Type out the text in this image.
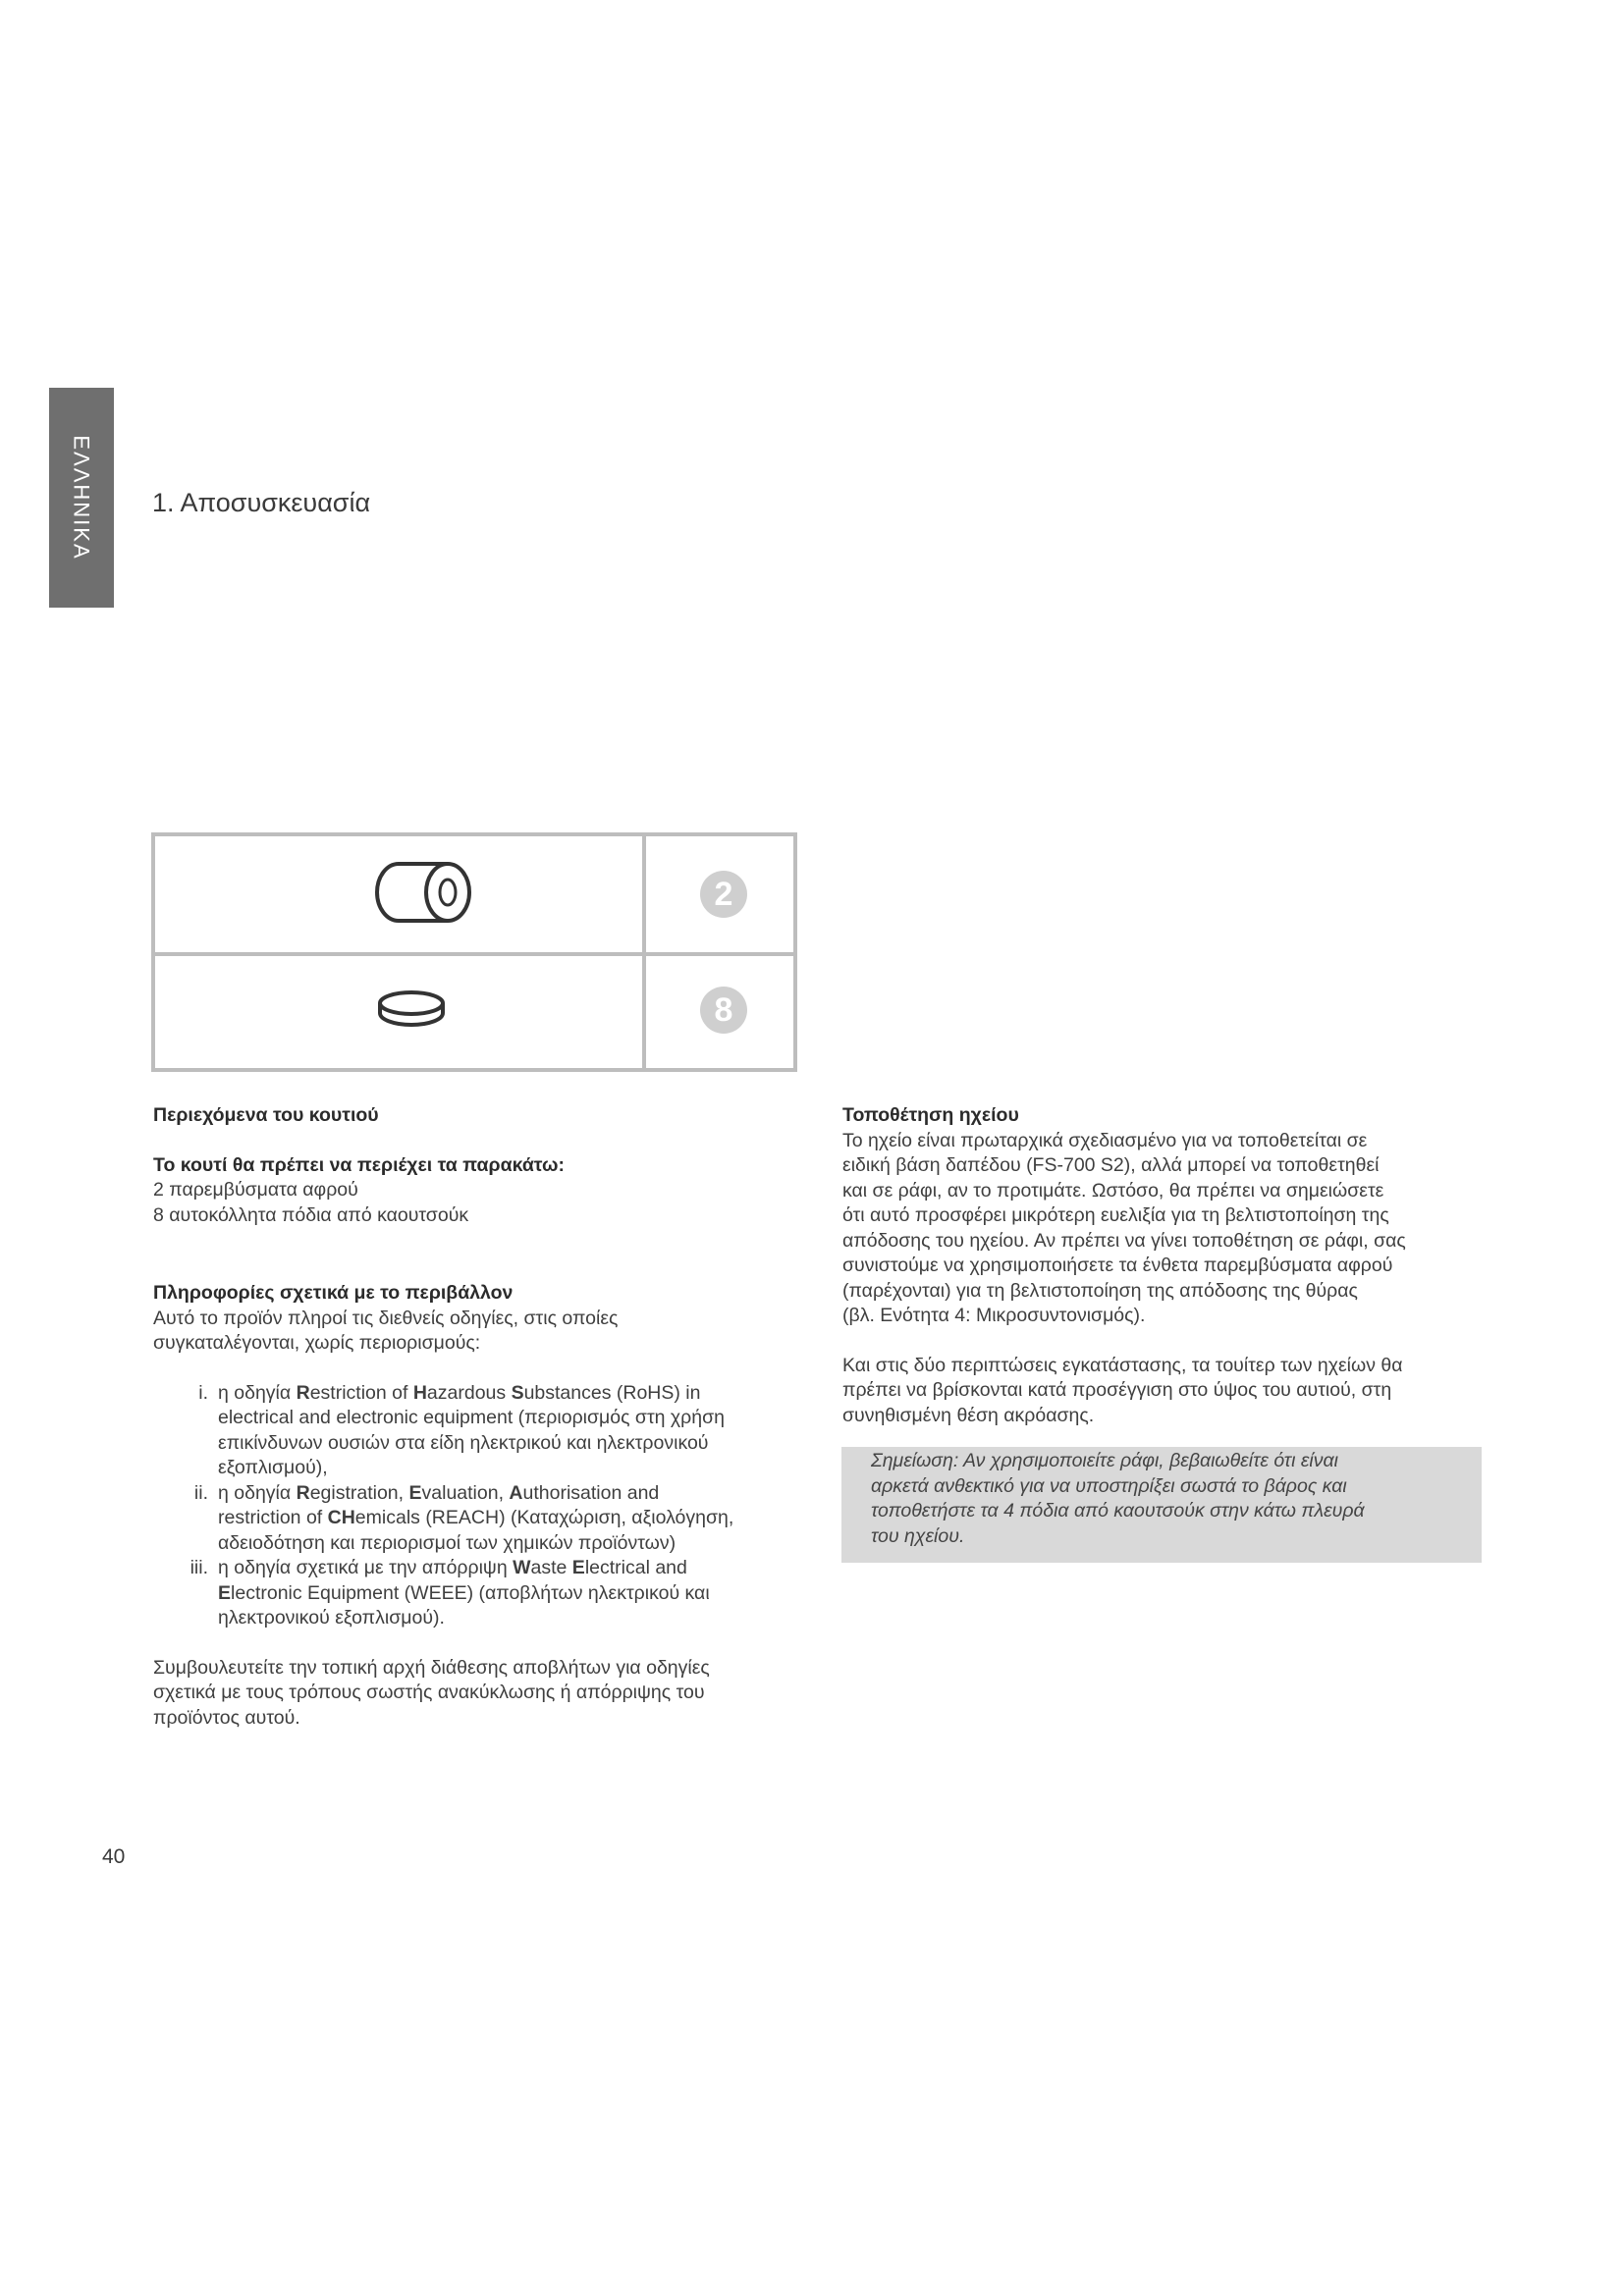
ΕΛΛΗΝΙΚΑ 1. Αποσυσκευασία
2
8

Περιεχόμενα του κουτιού

Το κουτί θα πρέπει να περιέχει τα παρακάτω:

2 παρεμβύσματα αφρού

8 αυτοκόλλητα πόδια από καουτσούκ

Πληροφορίες σχετικά με το περιβάλλον

Αυτό το προϊόν πληροί τις διεθνείς οδηγίες, στις οποίες

συγκαταλέγονται, χωρίς περιορισμούς:

i. η οδηγία Restriction of Hazardous Substances (RoHS) in
electrical and electronic equipment (περιορισμός στη χρήση
επικίνδυνων ουσιών στα είδη ηλεκτρικού και ηλεκτρονικού
εξοπλισμού),
ii. η οδηγία Registration, Evaluation, Authorisation and
restriction of CHemicals (REACH) (Καταχώριση, αξιολόγηση,
αδειοδότηση και περιορισμοί των χημικών προϊόντων)
iii. η οδηγία σχετικά με την απόρριψη Waste Electrical and
Electronic Equipment (WEEE) (αποβλήτων ηλεκτρικού και
ηλεκτρονικού εξοπλισμού).

Συμβουλευτείτε την τοπική αρχή διάθεσης αποβλήτων για οδηγίες

σχετικά με τους τρόπους σωστής ανακύκλωσης ή απόρριψης του

προϊόντος αυτού.

Τοποθέτηση ηχείου

Το ηχείο είναι πρωταρχικά σχεδιασμένο για να τοποθετείται σε

ειδική βάση δαπέδου (FS-700 S2), αλλά μπορεί να τοποθετηθεί

και σε ράφι, αν το προτιμάτε. Ωστόσο, θα πρέπει να σημειώσετε

ότι αυτό προσφέρει μικρότερη ευελιξία για τη βελτιστοποίηση της

απόδοσης του ηχείου. Αν πρέπει να γίνει τοποθέτηση σε ράφι, σας

συνιστούμε να χρησιμοποιήσετε τα ένθετα παρεμβύσματα αφρού

(παρέχονται) για τη βελτιστοποίηση της απόδοσης της θύρας

(βλ. Ενότητα 4: Μικροσυντονισμός).

Και στις δύο περιπτώσεις εγκατάστασης, τα τουίτερ των ηχείων θα

πρέπει να βρίσκονται κατά προσέγγιση στο ύψος του αυτιού, στη

συνηθισμένη θέση ακρόασης.

Σημείωση: Αν χρησιμοποιείτε ράφι, βεβαιωθείτε ότι είναι
αρκετά ανθεκτικό για να υποστηρίξει σωστά το βάρος και
τοποθετήστε τα 4 πόδια από καουτσούκ στην κάτω πλευρά
του ηχείου.
40
